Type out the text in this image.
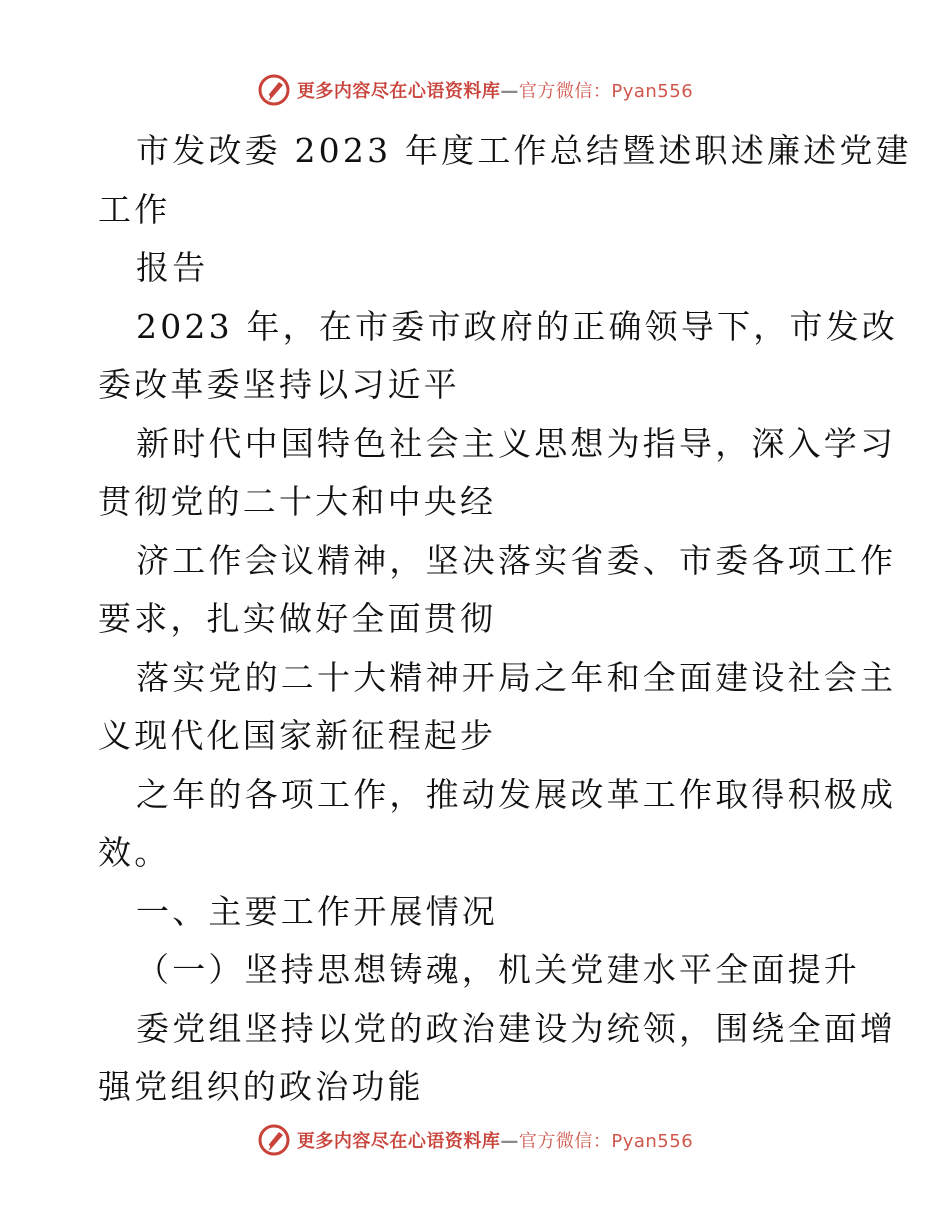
更多内容尽在心语资料库—官方微信：Pyan556
市发改委 2023 年度工作总结暨述职述廉述党建
工作
报告
2023 年，在市委市政府的正确领导下，市发改
委改革委坚持以习近平
新时代中国特色社会主义思想为指导，深入学习
贯彻党的二十大和中央经
济工作会议精神，坚决落实省委、市委各项工作
要求，扎实做好全面贯彻
落实党的二十大精神开局之年和全面建设社会主
义现代化国家新征程起步
之年的各项工作，推动发展改革工作取得积极成
效。
一、主要工作开展情况
（一）坚持思想铸魂，机关党建水平全面提升
委党组坚持以党的政治建设为统领，围绕全面增
强党组织的政治功能
更多内容尽在心语资料库—官方微信：Pyan556
